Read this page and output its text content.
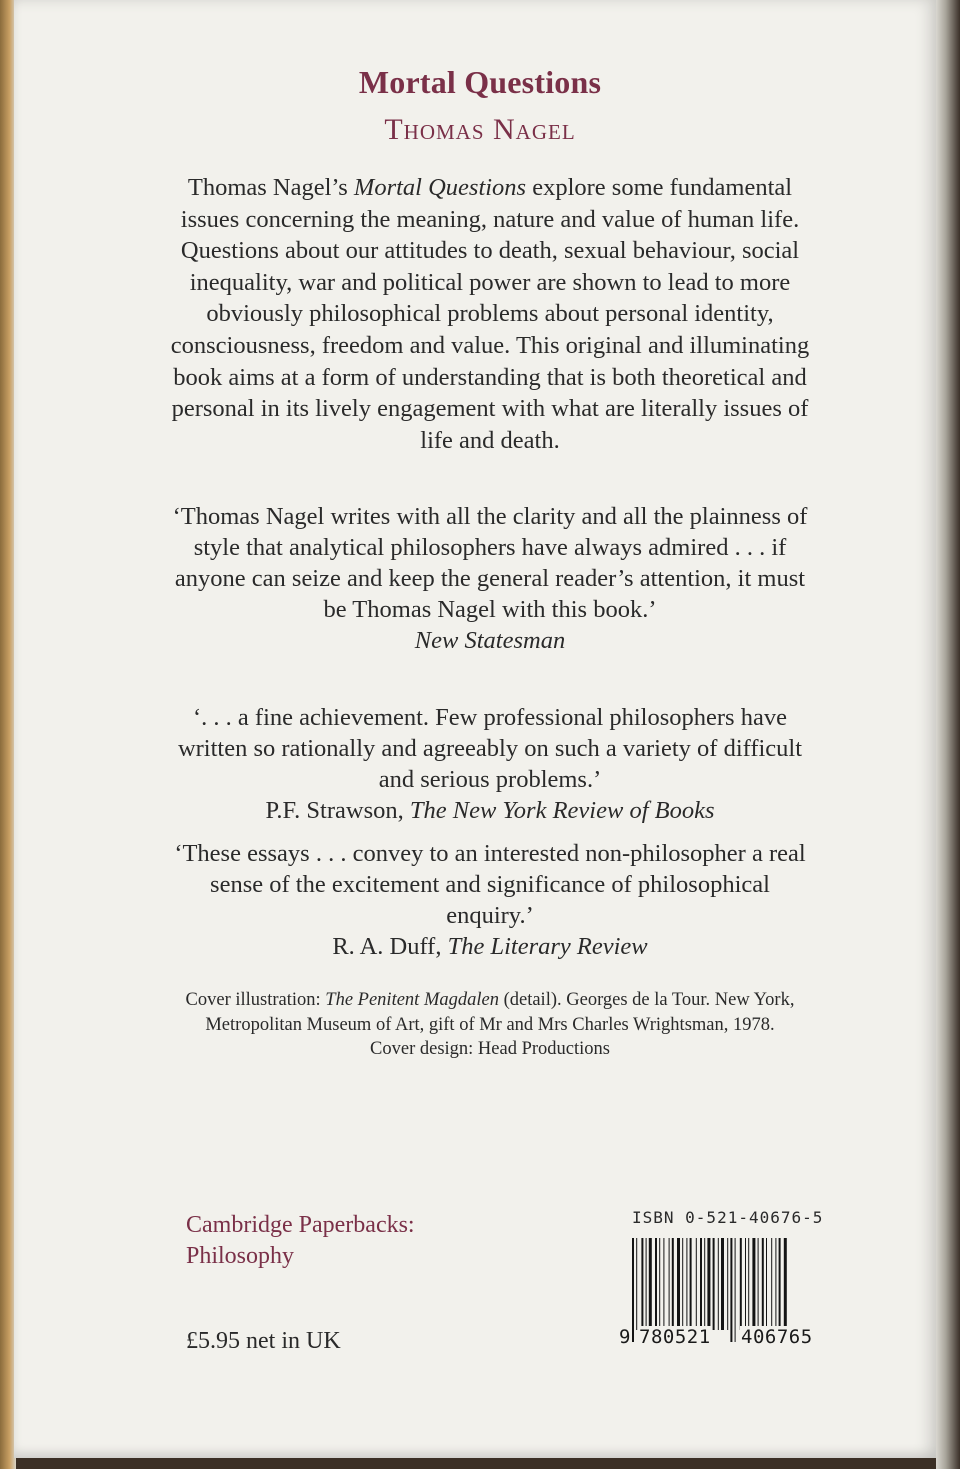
Mortal Questions
Thomas Nagel
Thomas Nagel’s Mortal Questions explore some fundamental issues concerning the meaning, nature and value of human life. Questions about our attitudes to death, sexual behaviour, social inequality, war and political power are shown to lead to more obviously philosophical problems about personal identity, consciousness, freedom and value. This original and illuminating book aims at a form of understanding that is both theoretical and personal in its lively engagement with what are literally issues of life and death.
‘Thomas Nagel writes with all the clarity and all the plainness of style that analytical philosophers have always admired . . . if anyone can seize and keep the general reader’s attention, it must be Thomas Nagel with this book.’
New Statesman
‘. . . a fine achievement. Few professional philosophers have written so rationally and agreeably on such a variety of difficult and serious problems.’
P.F. Strawson, The New York Review of Books
‘These essays . . . convey to an interested non-philosopher a real sense of the excitement and significance of philosophical enquiry.’
R. A. Duff, The Literary Review
Cover illustration: The Penitent Magdalen (detail). Georges de la Tour. New York, Metropolitan Museum of Art, gift of Mr and Mrs Charles Wrightsman, 1978.
Cover design: Head Productions
Cambridge Paperbacks:
Philosophy
£5.95 net in UK
ISBN 0-521-40676-5
9 780521 406765
